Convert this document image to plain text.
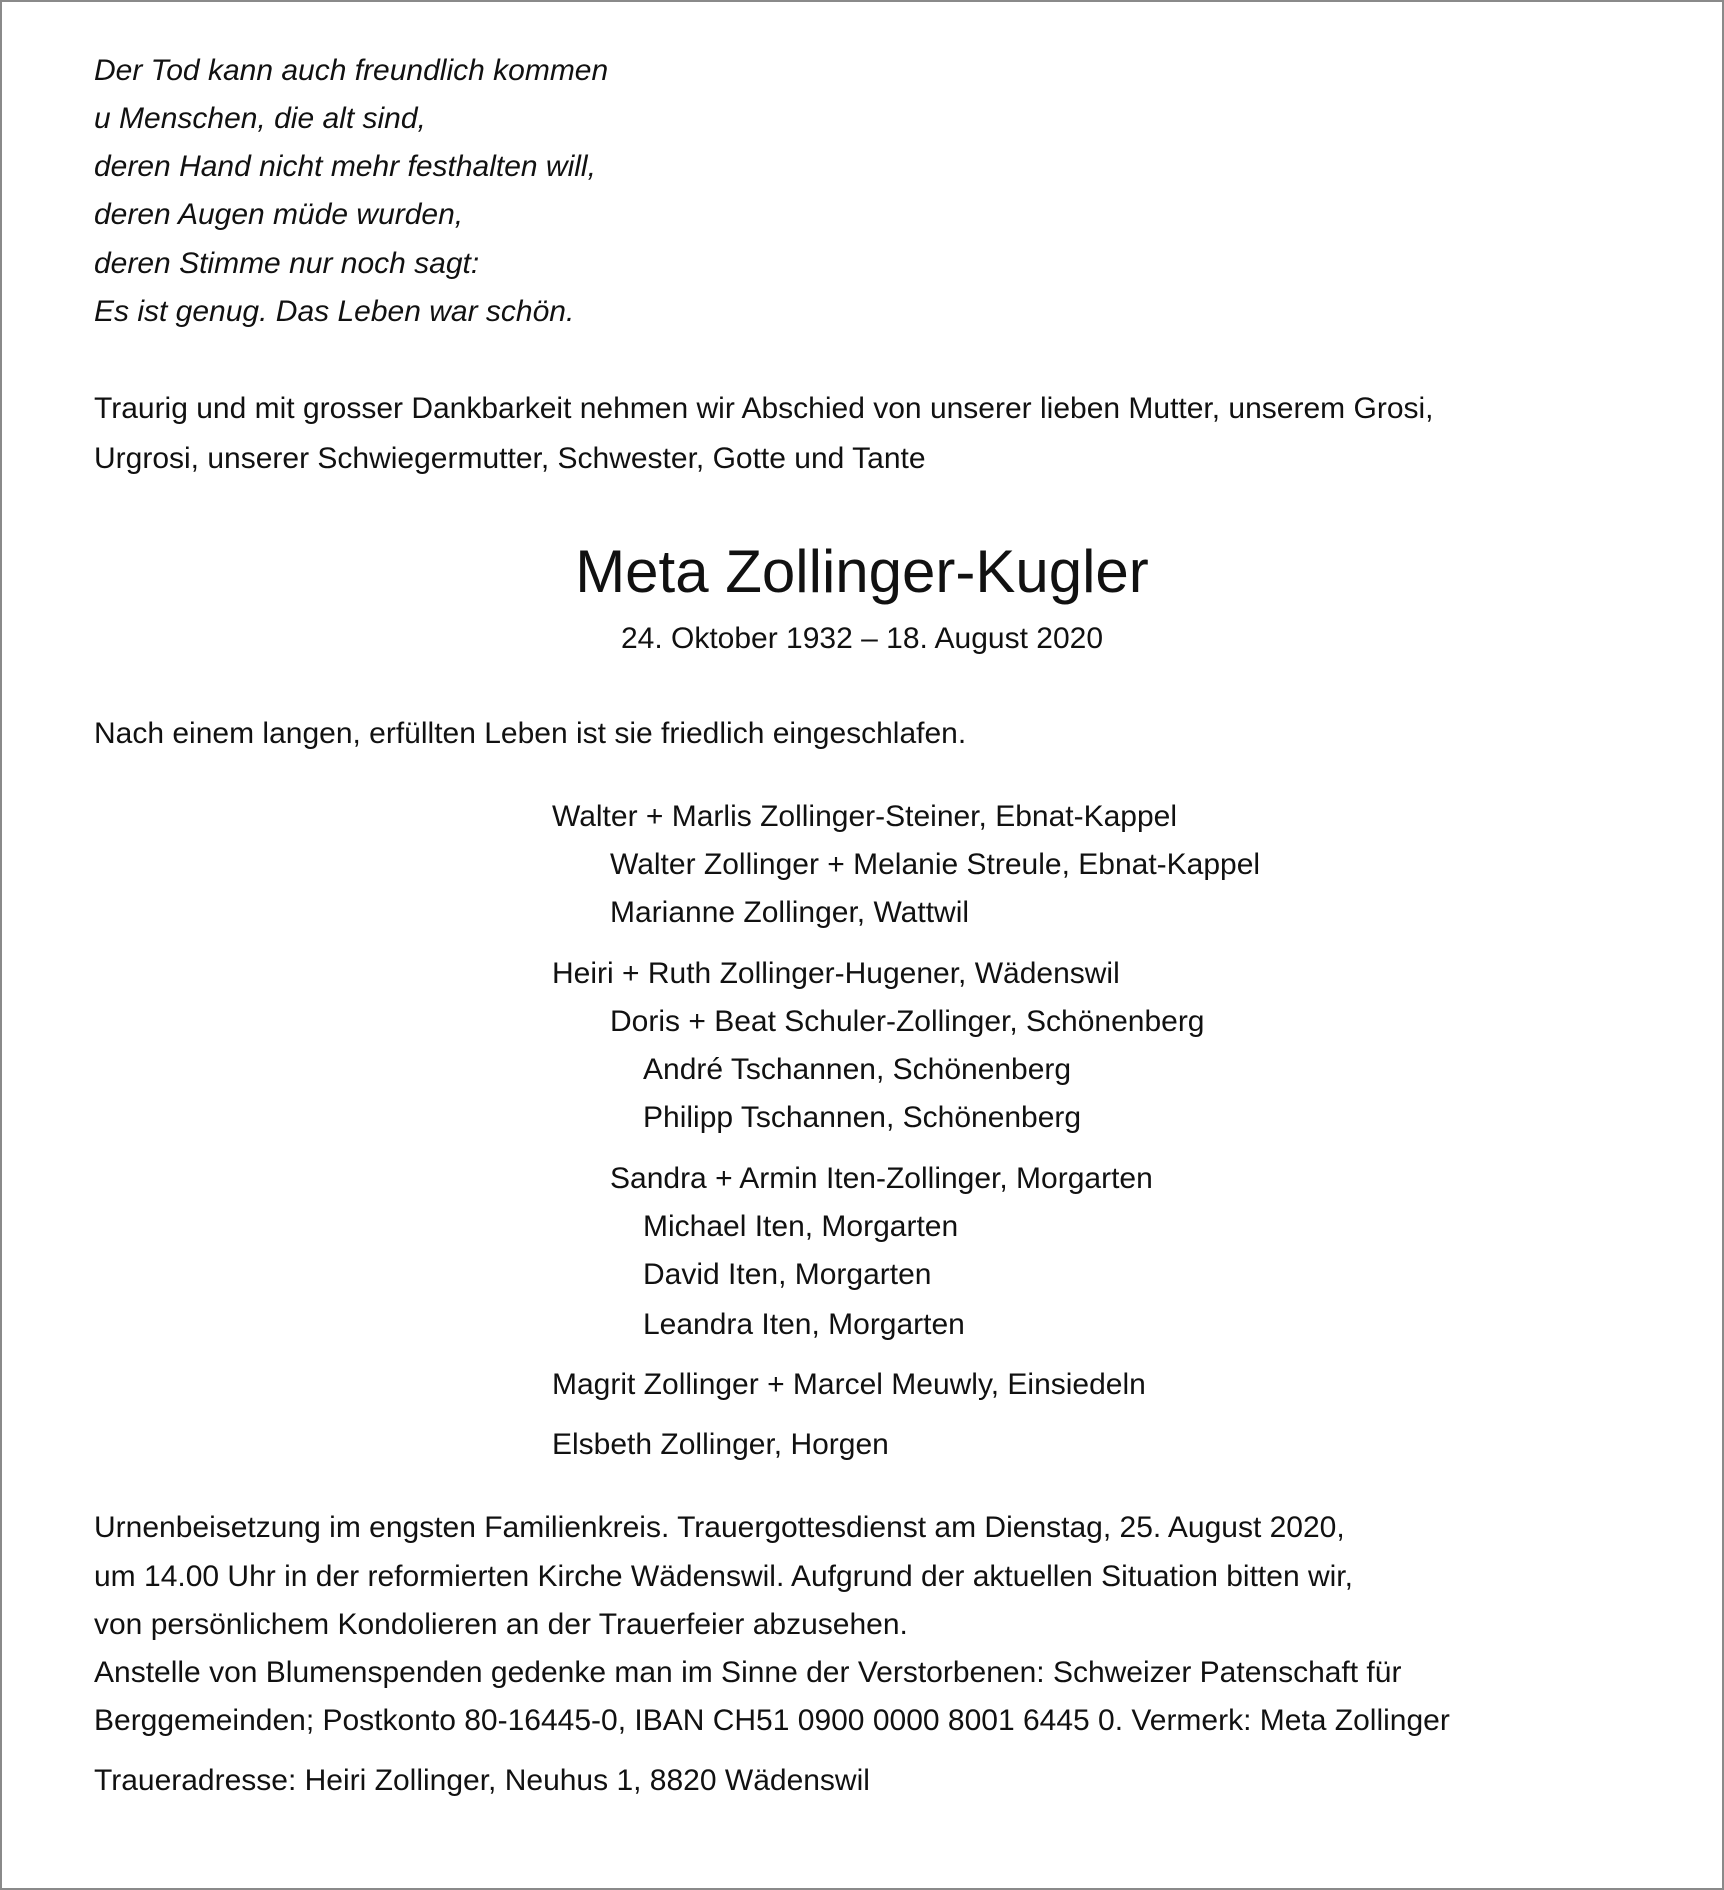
Der Tod kann auch freundlich kommen
u Menschen, die alt sind,
deren Hand nicht mehr festhalten will,
deren Augen müde wurden,
deren Stimme nur noch sagt:
Es ist genug. Das Leben war schön.
Traurig und mit grosser Dankbarkeit nehmen wir Abschied von unserer lieben Mutter, unserem Grosi,
Urgrosi, unserer Schwiegermutter, Schwester, Gotte und Tante
Meta Zollinger-Kugler
24. Oktober 1932 – 18. August 2020
Nach einem langen, erfüllten Leben ist sie friedlich eingeschlafen.
Walter + Marlis Zollinger-Steiner, Ebnat-Kappel
Walter Zollinger + Melanie Streule, Ebnat-Kappel
Marianne Zollinger, Wattwil
Heiri + Ruth Zollinger-Hugener, Wädenswil
Doris + Beat Schuler-Zollinger, Schönenberg
André Tschannen, Schönenberg
Philipp Tschannen, Schönenberg
Sandra + Armin Iten-Zollinger, Morgarten
Michael Iten, Morgarten
David Iten, Morgarten
Leandra Iten, Morgarten
Magrit Zollinger + Marcel Meuwly, Einsiedeln
Elsbeth Zollinger, Horgen
Urnenbeisetzung im engsten Familienkreis. Trauergottesdienst am Dienstag, 25. August 2020,
um 14.00 Uhr in der reformierten Kirche Wädenswil. Aufgrund der aktuellen Situation bitten wir,
von persönlichem Kondolieren an der Trauerfeier abzusehen.
Anstelle von Blumenspenden gedenke man im Sinne der Verstorbenen: Schweizer Patenschaft für
Berggemeinden; Postkonto 80-16445-0, IBAN CH51 0900 0000 8001 6445 0. Vermerk: Meta Zollinger
Traueradresse: Heiri Zollinger, Neuhus 1, 8820 Wädenswil
